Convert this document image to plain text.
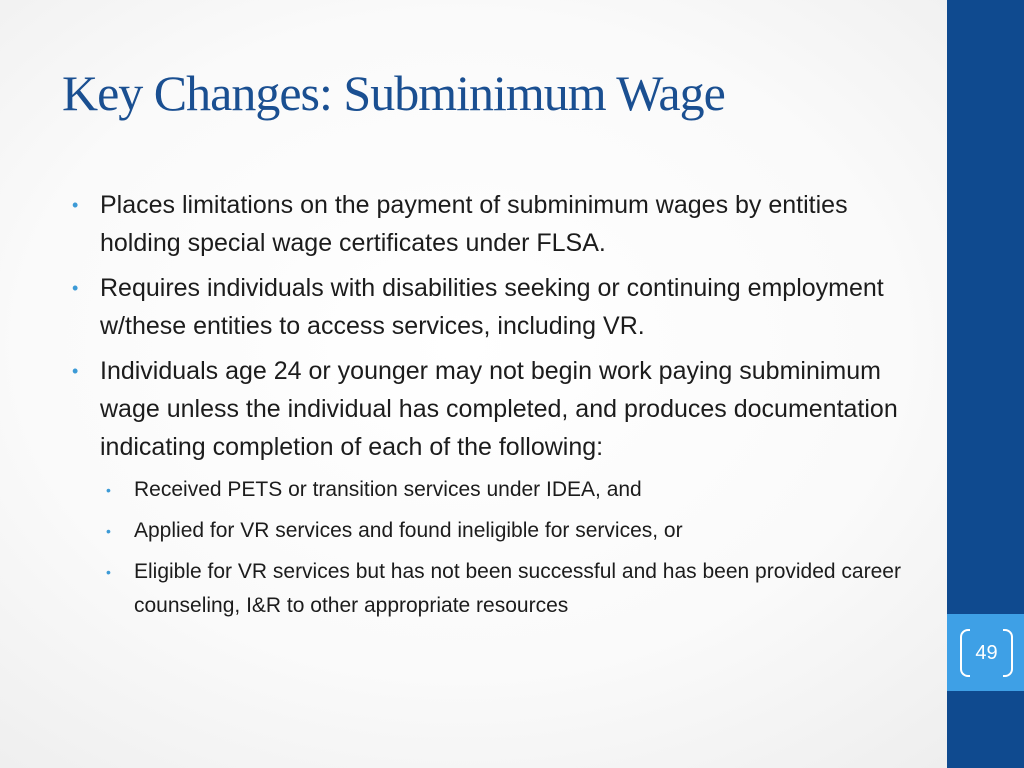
49
Key Changes: Subminimum Wage
• Places limitations on the payment of subminimum wages by entities holding special wage certificates under FLSA.
• Requires individuals with disabilities seeking or continuing employment w/these entities to access services, including VR.
• Individuals age 24 or younger may not begin work paying subminimum wage unless the individual has completed, and produces documentation indicating completion of each of the following:
• Received PETS or transition services under IDEA, and
• Applied for VR services and found ineligible for services, or
• Eligible for VR services but has not been successful and has been provided career counseling, I&R to other appropriate resources
